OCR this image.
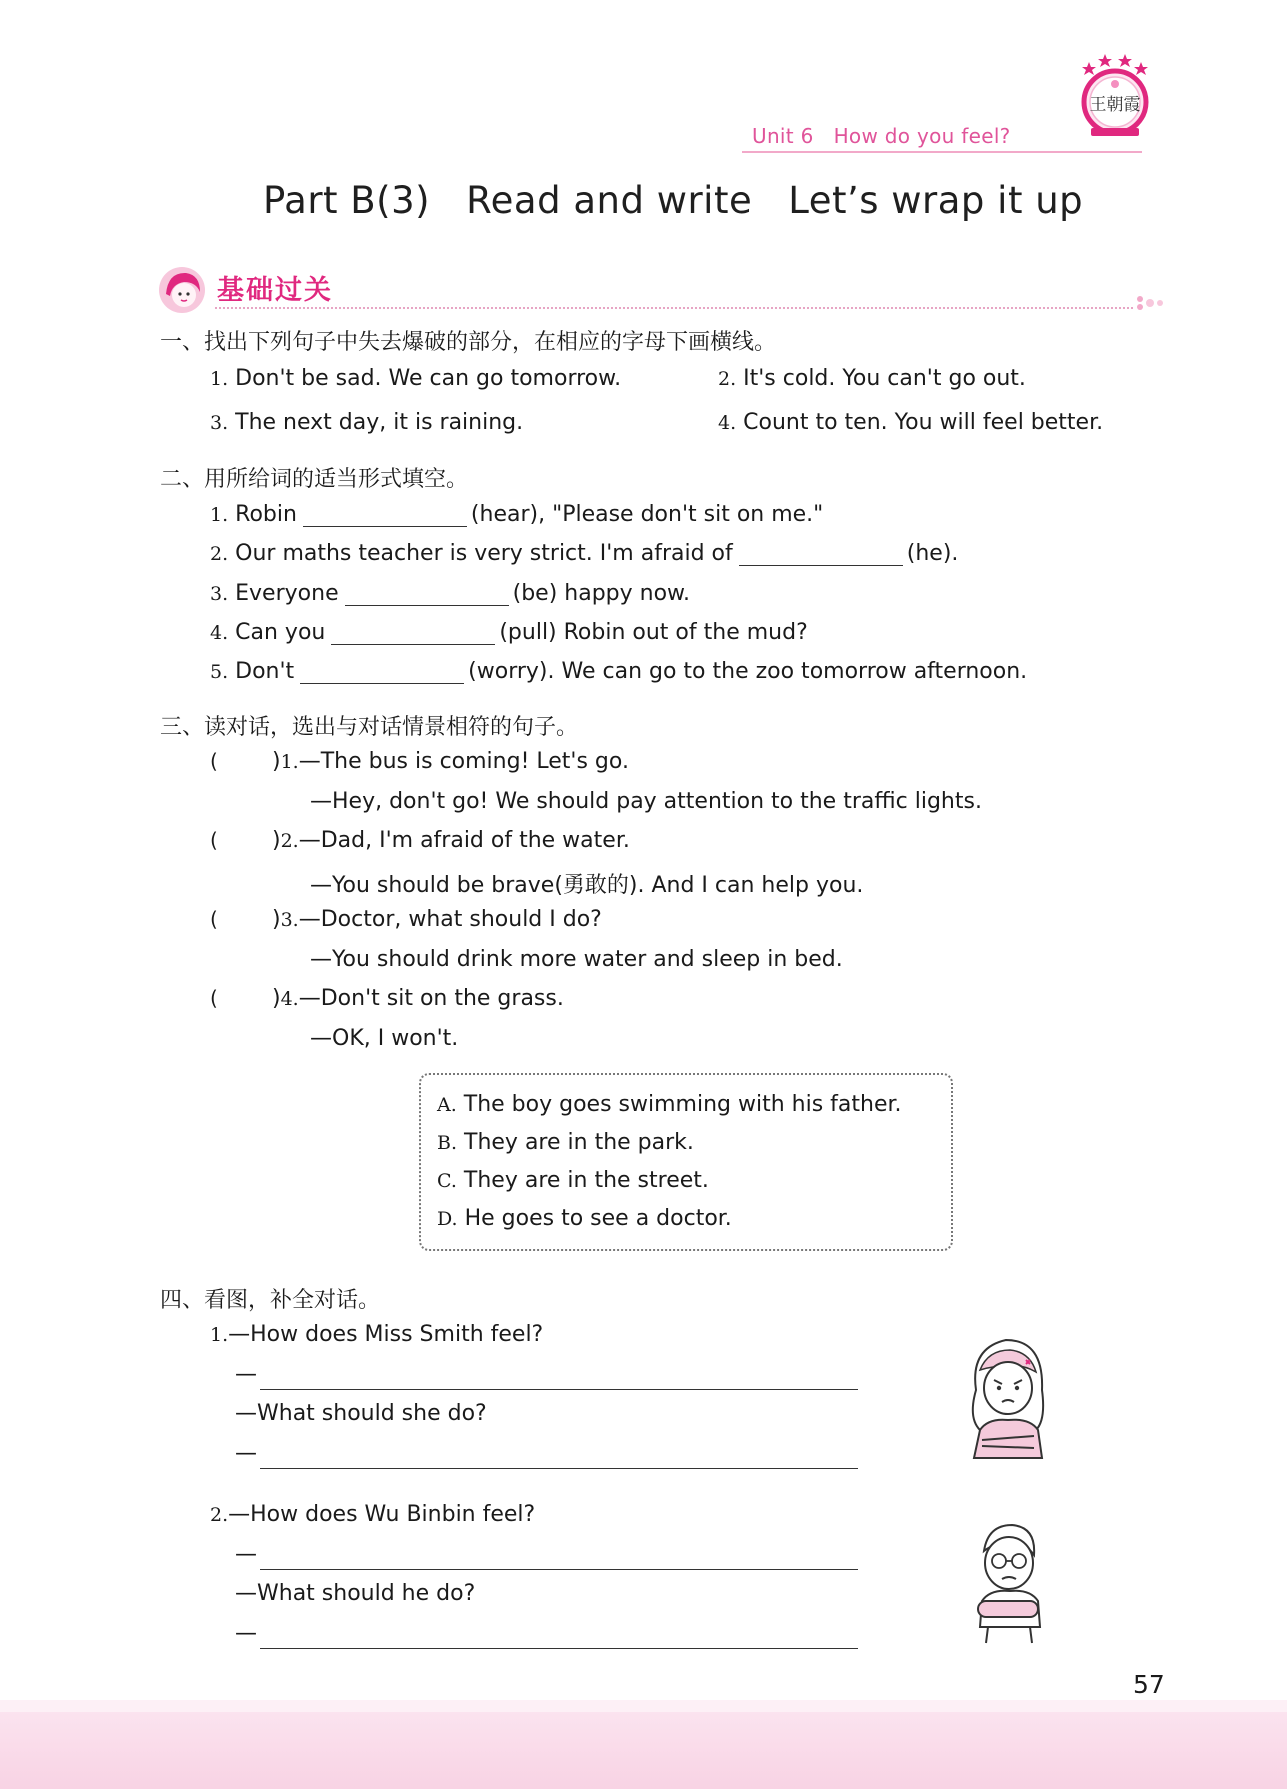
Unit 6 How do you feel?
王朝霞
Part B(3) Read and write Let’s wrap it up
基础过关
一、找出下列句子中失去爆破的部分，在相应的字母下画横线。
1. Don't be sad. We can go tomorrow.	2. It's cold. You can't go out.
3. The next day, it is raining.	4. Count to ten. You will feel better.
二、用所给词的适当形式填空。
1. Robin	(hear), "Please don't sit on me."
2. Our maths teacher is very strict. I'm afraid of	(he).
3. Everyone	(be) happy now.
4. Can you	(pull) Robin out of the mud?
5. Don't	(worry). We can go to the zoo tomorrow afternoon.
三、读对话，选出与对话情景相符的句子。
( )1.—The bus is coming! Let's go.
—Hey, don't go! We should pay attention to the traffic lights.
( )2.—Dad, I'm afraid of the water.
—You should be brave(勇敢的). And I can help you.
( )3.—Doctor, what should I do?
—You should drink more water and sleep in bed.
( )4.—Don't sit on the grass.
—OK, I won't.
A. The boy goes swimming with his father.
B. They are in the park.
C. They are in the street.
D. He goes to see a doctor.
四、看图，补全对话。
1.—How does Miss Smith feel?
—
—What should she do?
—
2.—How does Wu Binbin feel?
—
—What should he do?
—
57
